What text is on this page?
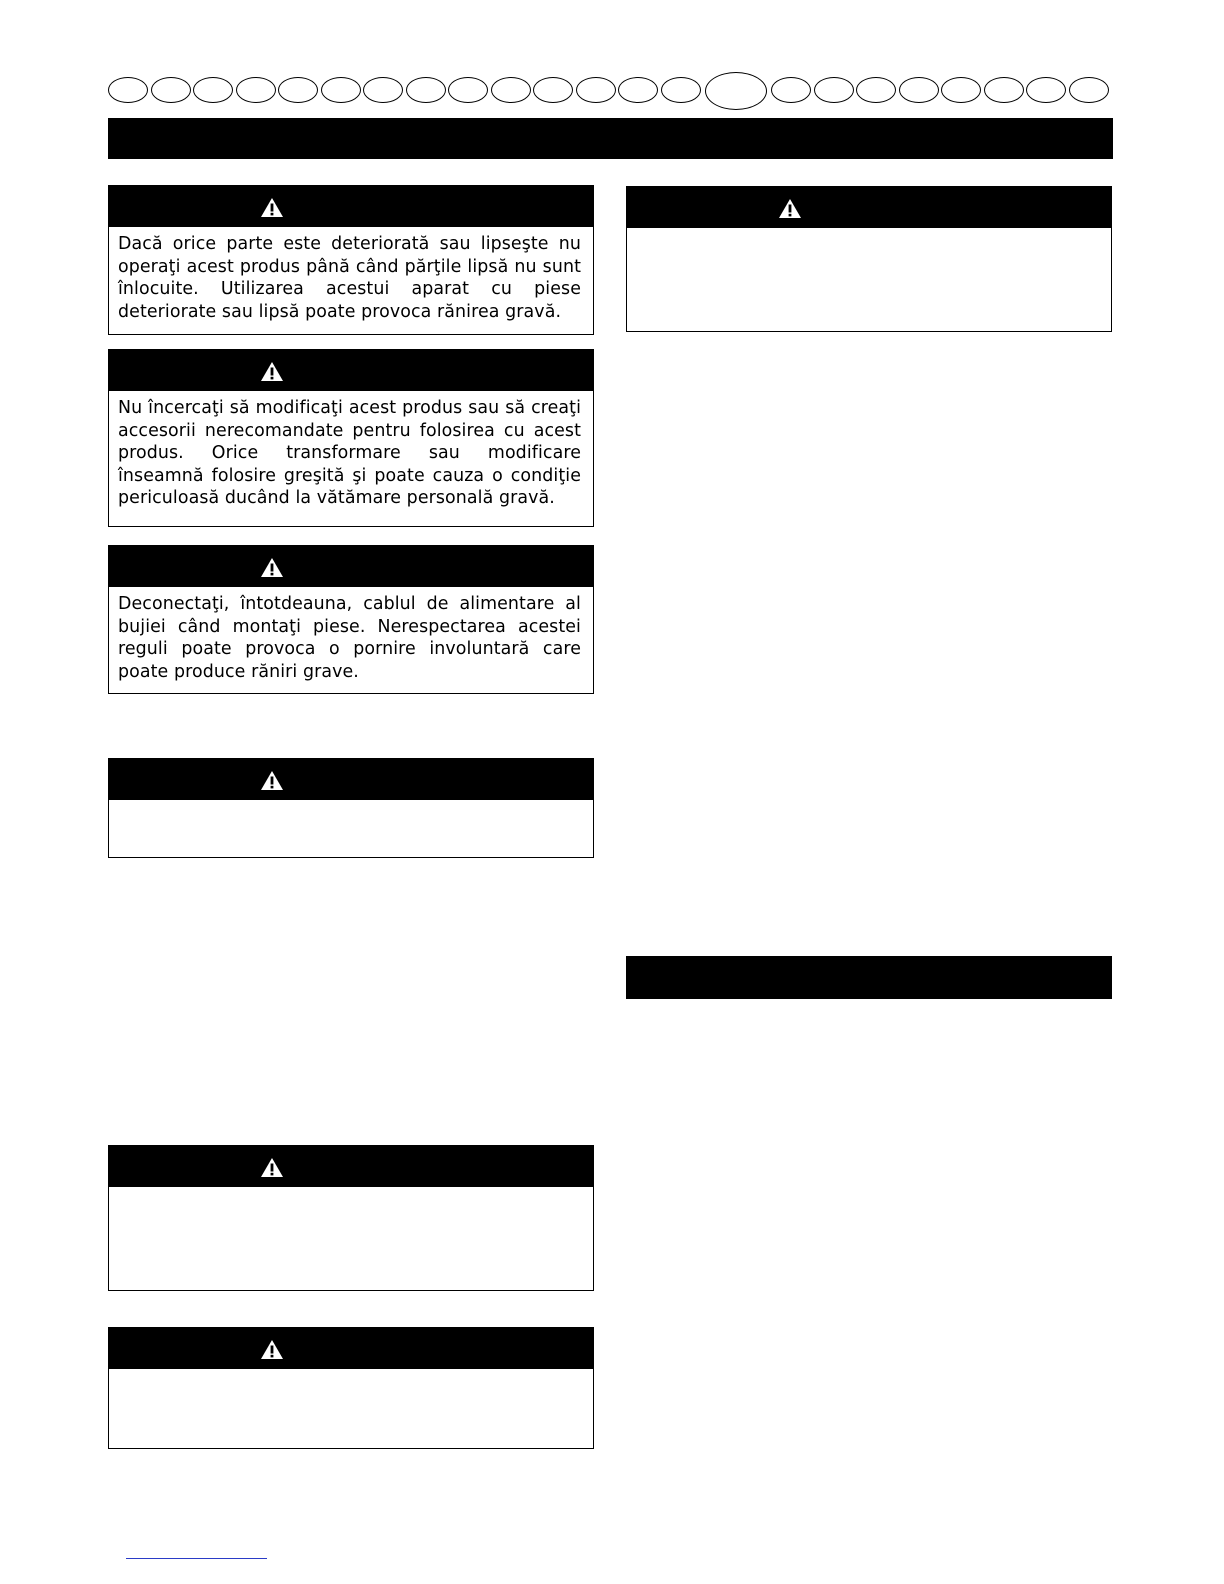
Dacă orice parte este deteriorată sau lipseşte nu operaţi acest produs până când părţile lipsă nu sunt înlocuite. Utilizarea acestui aparat cu piese deteriorate sau lipsă poate provoca rănirea gravă.
Nu încercaţi să modificaţi acest produs sau să creaţi accesorii nerecomandate pentru folosirea cu acest produs. Orice transformare sau modificare înseamnă folosire greşită şi poate cauza o condiţie periculoasă ducând la vătămare personală gravă.
Deconectaţi, întotdeauna, cablul de alimentare al bujiei când montaţi piese. Nerespectarea acestei reguli poate provoca o pornire involuntară care poate produce răniri grave.
